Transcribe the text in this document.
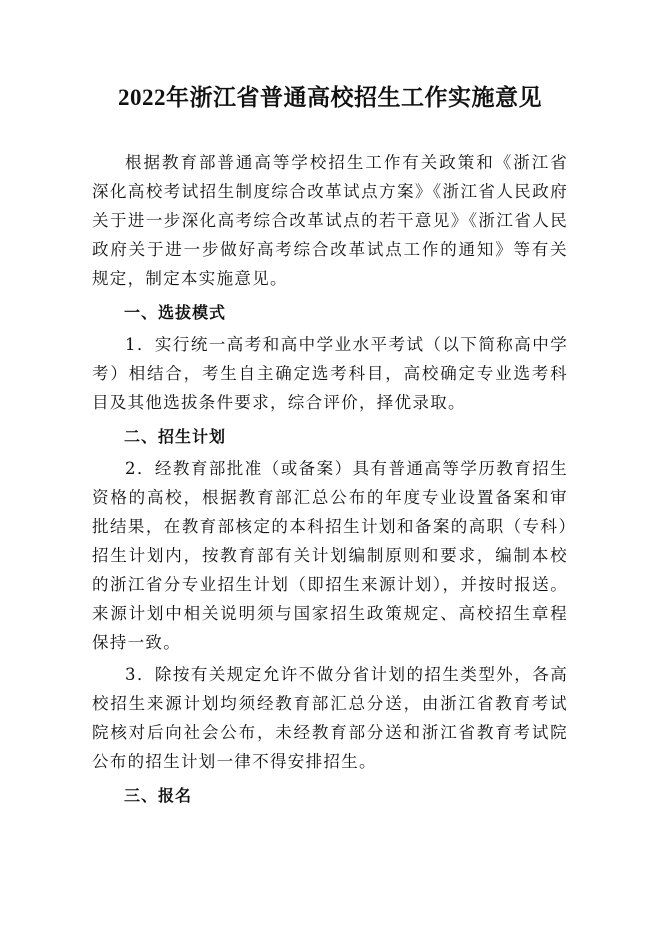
2022年浙江省普通高校招生工作实施意见

根据教育部普通高等学校招生工作有关政策和《浙江省深化高校考试招生制度综合改革试点方案》《浙江省人民政府关于进一步深化高考综合改革试点的若干意见》《浙江省人民政府关于进一步做好高考综合改革试点工作的通知》等有关规定，制定本实施意见。

一、选拔模式

1．实行统一高考和高中学业水平考试（以下简称高中学考）相结合，考生自主确定选考科目，高校确定专业选考科目及其他选拔条件要求，综合评价，择优录取。

二、招生计划

2．经教育部批准（或备案）具有普通高等学历教育招生资格的高校，根据教育部汇总公布的年度专业设置备案和审批结果，在教育部核定的本科招生计划和备案的高职（专科）招生计划内，按教育部有关计划编制原则和要求，编制本校的浙江省分专业招生计划（即招生来源计划），并按时报送。来源计划中相关说明须与国家招生政策规定、高校招生章程保持一致。

3．除按有关规定允许不做分省计划的招生类型外，各高校招生来源计划均须经教育部汇总分送，由浙江省教育考试院核对后向社会公布，未经教育部分送和浙江省教育考试院公布的招生计划一律不得安排招生。

三、报名
